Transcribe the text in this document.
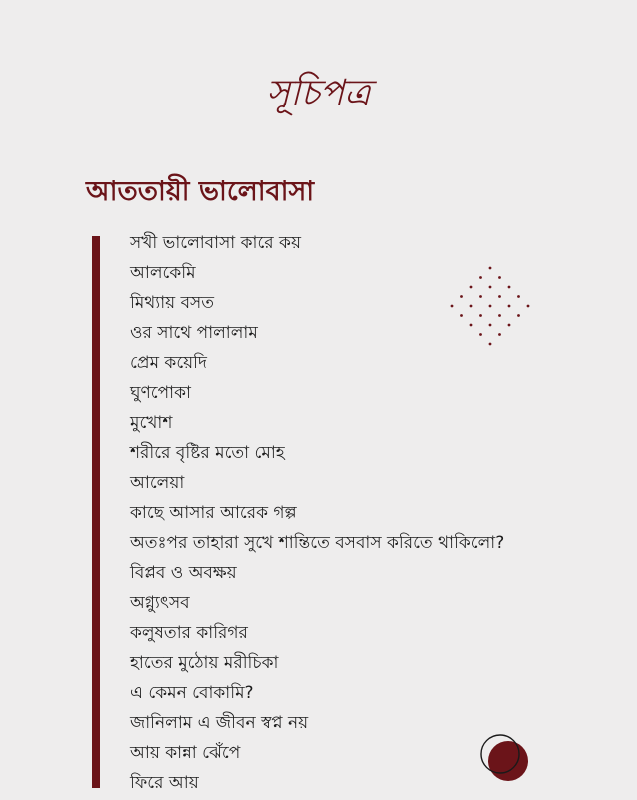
সূচিপত্র
আততায়ী ভালোবাসা
সখী ভালোবাসা কারে কয়
আলকেমি
মিথ্যায় বসত
ওর সাথে পালালাম
প্রেম কয়েদি
ঘুণপোকা
মুখোশ
শরীরে বৃষ্টির মতো মোহ
আলেয়া
কাছে আসার আরেক গল্প
অতঃপর তাহারা সুখে শান্তিতে বসবাস করিতে থাকিলো?
বিপ্লব ও অবক্ষয়
অগ্ন্যুৎসব
কলুষতার কারিগর
হাতের মুঠোয় মরীচিকা
এ কেমন বোকামি?
জানিলাম এ জীবন স্বপ্ন নয়
আয় কান্না ঝেঁপে
ফিরে আয়
